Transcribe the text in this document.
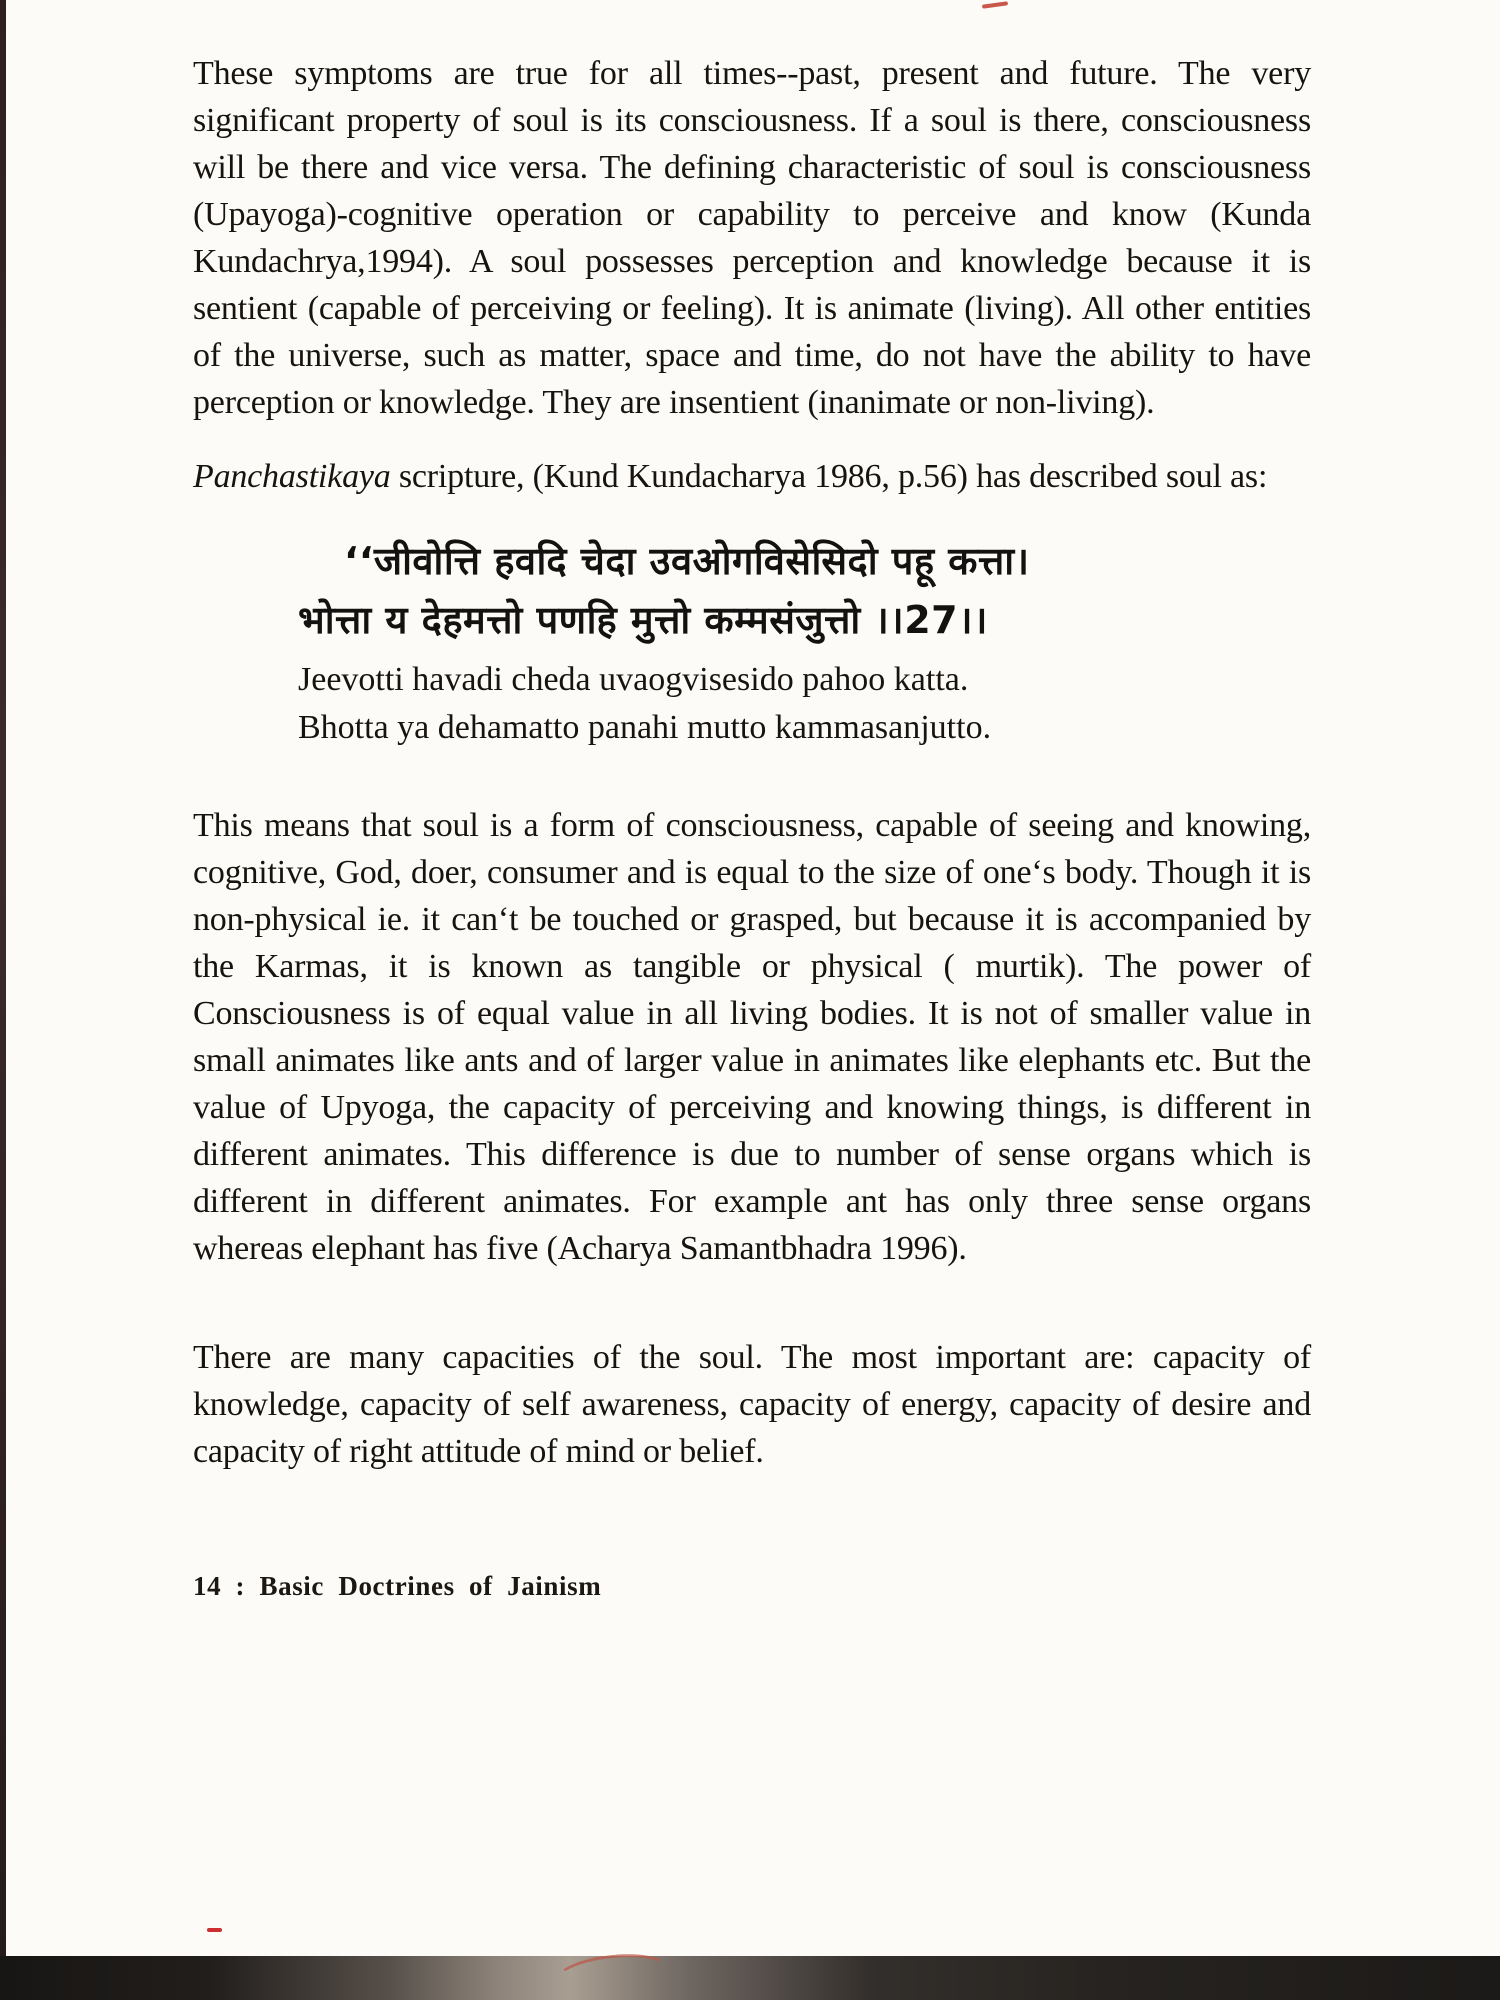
These symptoms are true for all times--past, present and future. The very significant property of soul is its consciousness. If a soul is there, consciousness will be there and vice versa. The defining characteristic of soul is consciousness (Upayoga)-cognitive operation or capability to perceive and know (Kunda Kundachrya,1994). A soul possesses perception and knowledge because it is sentient (capable of perceiving or feeling). It is animate (living). All other entities of the universe, such as matter, space and time, do not have the ability to have perception or knowledge. They are insentient (inanimate or non-living).

Panchastikaya scripture, (Kund Kundacharya 1986, p.56) has described soul as:

‘‘जीवोत्ति हवदि चेदा उवओगविसेसिदो पहू कत्ता।
भोत्ता य देहमत्तो पणहि मुत्तो कम्मसंजुत्तो ।।27।।
Jeevotti havadi cheda uvaogvisesido pahoo katta.
Bhotta ya dehamatto panahi mutto kammasanjutto.

This means that soul is a form of consciousness, capable of seeing and knowing, cognitive, God, doer, consumer and is equal to the size of one‘s body. Though it is non-physical ie. it can‘t be touched or grasped, but because it is accompanied by the Karmas, it is known as tangible or physical ( murtik). The power of Consciousness is of equal value in all living bodies. It is not of smaller value in small animates like ants and of larger value in animates like elephants etc. But the value of Upyoga, the capacity of perceiving and knowing things, is different in different animates. This difference is due to number of sense organs which is different in different animates. For example ant has only three sense organs whereas elephant has five (Acharya Samantbhadra 1996).

There are many capacities of the soul. The most important are: capacity of knowledge, capacity of self awareness, capacity of energy, capacity of desire and capacity of right attitude of mind or belief.

14 : Basic Doctrines of Jainism
